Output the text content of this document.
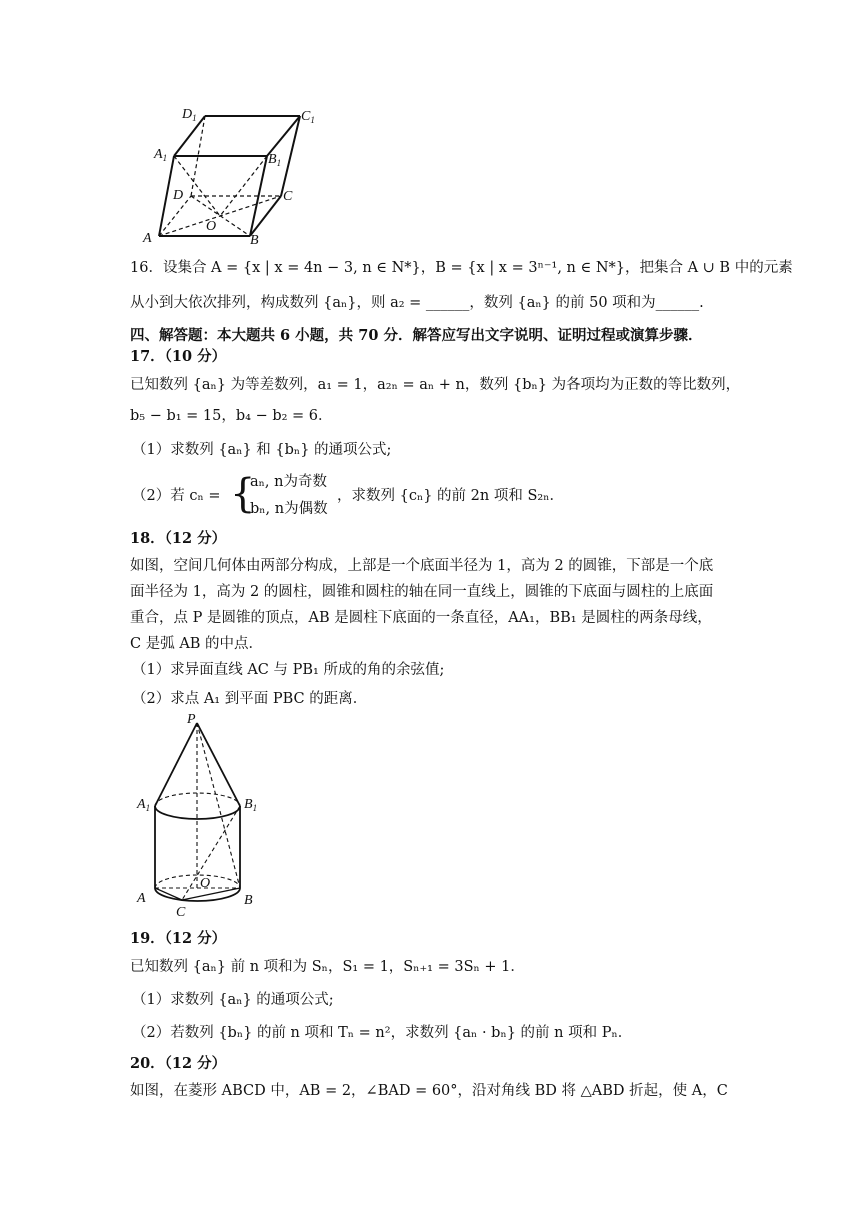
$D_1$	$C_1$
$A_1$	$B_1$
D	C
A	B
O
16．设集合 A = {x | x = 4n − 3, n ∈ N*}，B = {x | x = 3ⁿ⁻¹, n ∈ N*}，把集合 A ∪ B 中的元素
从小到大依次排列，构成数列 {aₙ}，则 a₂ = ______，数列 {aₙ} 的前 50 项和为______.
四、解答题：本大题共 6 小题，共 70 分．解答应写出文字说明、证明过程或演算步骤．
17．（10 分）
已知数列 {aₙ} 为等差数列，a₁ = 1，a₂ₙ = aₙ + n，数列 {bₙ} 为各项均为正数的等比数列，
b₅ − b₁ = 15，b₄ − b₂ = 6．
（1）求数列 {aₙ} 和 {bₙ} 的通项公式;
（2）若 cₙ = {
aₙ, n为奇数
bₙ, n为偶数
，求数列 {cₙ} 的前 2n 项和 S₂ₙ．
18．（12 分）
如图，空间几何体由两部分构成，上部是一个底面半径为 1，高为 2 的圆锥，下部是一个底
面半径为 1，高为 2 的圆柱，圆锥和圆柱的轴在同一直线上，圆锥的下底面与圆柱的上底面
重合，点 P 是圆锥的顶点，AB 是圆柱下底面的一条直径，AA₁，BB₁ 是圆柱的两条母线，
C 是弧 AB 的中点．
（1）求异面直线 AC 与 PB₁ 所成的角的余弦值;
（2）求点 A₁ 到平面 PBC 的距离．
P
$A_1$	$B_1$
O
A	B
C
19．（12 分）
已知数列 {aₙ} 前 n 项和为 Sₙ，S₁ = 1，Sₙ₊₁ = 3Sₙ + 1．
（1）求数列 {aₙ} 的通项公式;
（2）若数列 {bₙ} 的前 n 项和 Tₙ = n²，求数列 {aₙ · bₙ} 的前 n 项和 Pₙ．
20．（12 分）
如图，在菱形 ABCD 中，AB = 2，∠BAD = 60°，沿对角线 BD 将 △ABD 折起，使 A，C
